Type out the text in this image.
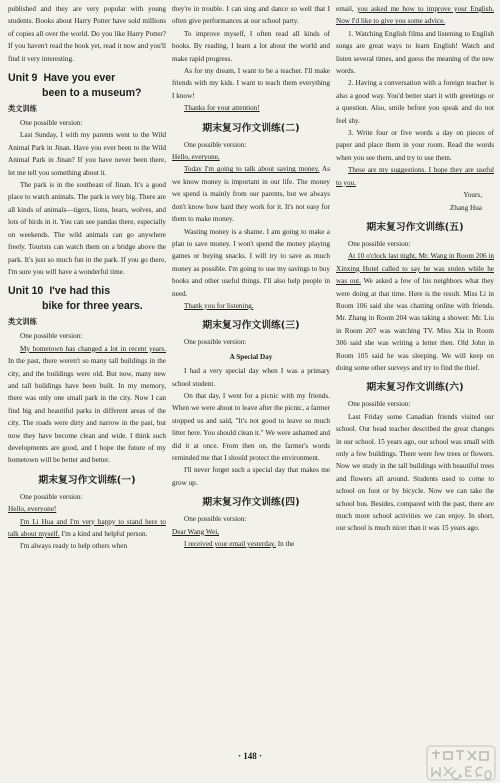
published and they are very popular with young students. Books about Harry Potter have sold millions of copies all over the world. Do you like Harry Potter? If you haven't read the book yet, read it now and you'll find it very interesting.

Unit 9 Have you ever
been to a museum?
类文训练

One possible version:

Last Sunday, I with my parents went to the Wild Animal Park in Jinan. Have you ever been to the Wild Animal Park in Jinan? If you have never been there, let me tell you something about it.

The park is in the southeast of Jinan. It's a good place to watch animals. The park is very big. There are all kinds of animals—tigers, lions, bears, wolves, and lots of birds in it. You can see pandas there, especially on weekends. The wild animals can go anywhere freely. Tourists can watch them on a bridge above the park. It's just so much fun in the park. If you go there, I'm sure you will have a wonderful time.

Unit 10 I've had this
bike for three years.
类文训练

One possible version:

My hometown has changed a lot in recent years. In the past, there weren't so many tall buildings in the city, and the buildings were old. But now, many new and tall buildings have been built. In my memory, there was only one small park in the city. Now I can find big and beautiful parks in different areas of the city. The roads were dirty and narrow in the past, but now they have become clean and wide. I think such developments are good, and I hope the future of my hometown will be better and better.

期末复习作文训练(一)

One possible version:

Hello, everyone!

I'm Li Hua and I'm very happy to stand here to talk about myself. I'm a kind and helpful person.

I'm always ready to help others when

they're in trouble. I can sing and dance so well that I often give performances at our school party.

To improve myself, I often read all kinds of books. By reading, I learn a lot about the world and make rapid progress.

As for my dream, I want to be a teacher. I'll make friends with my kids. I want to teach them everything I know!

Thanks for your attention!

期末复习作文训练(二)

One possible version:

Hello, everyone,

Today I'm going to talk about saving money. As we know money is important in our life. The money we spend is mainly from our parents, but we always don't know how hard they work for it. It's not easy for them to make money.

Wasting money is a shame. I am going to make a plan to save money. I won't spend the money playing games or buying snacks. I will try to save as much money as possible. I'm going to use my savings to buy books and other useful things. I'll also help people in need.

Thank you for listening.

期末复习作文训练(三)

One possible version:

A Special Day

I had a very special day when I was a primary school student.

On that day, I went for a picnic with my friends. When we were about to leave after the picnic, a farmer stopped us and said, "It's not good to leave so much litter here. You should clean it." We were ashamed and did it at once. From then on, the farmer's words reminded me that I should protect the environment.

I'll never forget such a special day that makes me grow up.

期末复习作文训练(四)

One possible version:

Dear Wang Wei,

I received your email yesterday. In the

email, you asked me how to improve your English. Now I'd like to give you some advice.

1. Watching English films and listening to English songs are great ways to learn English! Watch and listen several times, and guess the meaning of the new words.

2. Having a conversation with a foreign teacher is also a good way. You'd better start it with greetings or a question. Also, smile before you speak and do not feel shy.

3. Write four or five words a day on pieces of paper and place them in your room. Read the words when you see them, and try to use them.

These are my suggestions. I hope they are useful to you.

Yours,
Zhang Hua
期末复习作文训练(五)

One possible version:

At 10 o'clock last night, Mr. Wang in Room 206 in Xinxing Hotel called to say he was stolen while he was out. We asked a few of his neighbors what they were doing at that time. Here is the result. Miss Li in Room 106 said she was chatting online with friends. Mr. Zhang in Room 204 was taking a shower. Mr. Liu in Room 207 was watching TV. Miss Xia in Room 306 said she was writing a letter then. Old John in Room 105 said he was sleeping. We will keep on doing some other surveys and try to find the thief.

期末复习作文训练(六)

One possible version:

Last Friday some Canadian friends visited our school. Our head teacher described the great changes in our school. 15 years ago, our school was small with only a few buildings. There were few trees or flowers. Now we study in the tall buildings with beautiful trees and flowers all around. Students used to come to school on foot or by bicycle. Now we can take the school bus. Besides, compared with the past, there are much more school activities we can enjoy. In short, our school is much nicer than it was 15 years ago.

· 148 ·
